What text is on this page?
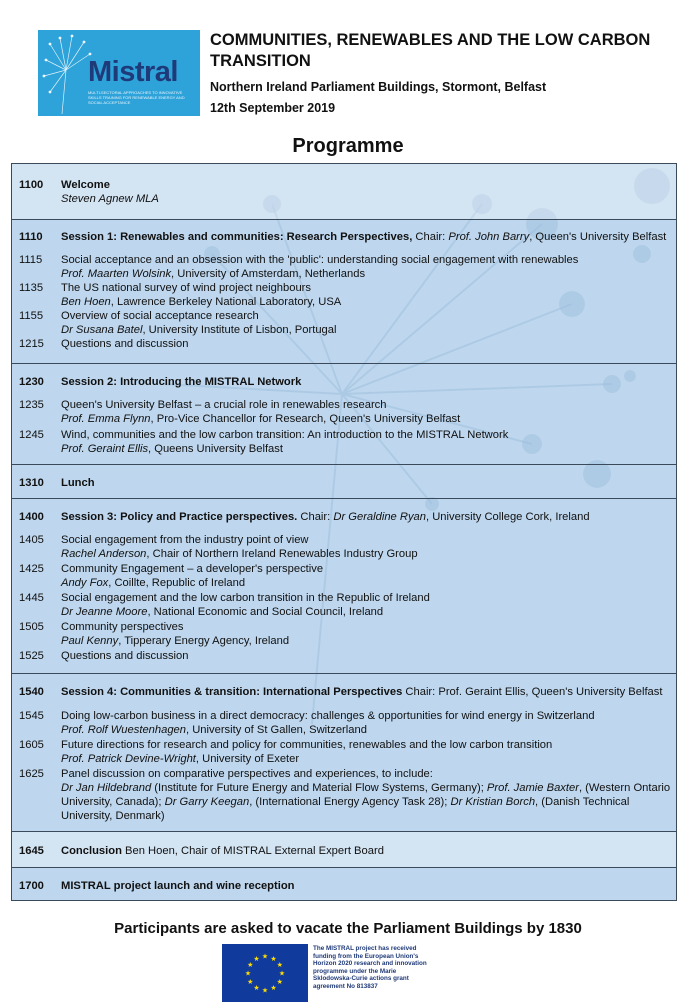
Mistral
MULTI-SECTORAL APPROACHES TO INNOVATIVE SKILLS TRAINING FOR RENEWABLE ENERGY AND SOCIAL ACCEPTANCE
COMMUNITIES, RENEWABLES AND THE LOW CARBON TRANSITION
Northern Ireland Parliament Buildings, Stormont, Belfast
12th September 2019
Programme
1100	Welcome
Steven Agnew MLA
1110	Session 1: Renewables and communities: Research Perspectives, Chair: Prof. John Barry, Queen's University Belfast
1115	Social acceptance and an obsession with the 'public': understanding social engagement with renewables
Prof. Maarten Wolsink, University of Amsterdam, Netherlands
1135	The US national survey of wind project neighbours
Ben Hoen, Lawrence Berkeley National Laboratory, USA
1155	Overview of social acceptance research
Dr Susana Batel, University Institute of Lisbon, Portugal
1215	Questions and discussion
1230	Session 2: Introducing the MISTRAL Network
1235	Queen's University Belfast – a crucial role in renewables research
Prof. Emma Flynn, Pro-Vice Chancellor for Research, Queen's University Belfast
1245	Wind, communities and the low carbon transition: An introduction to the MISTRAL Network
Prof. Geraint Ellis, Queens University Belfast
1310	Lunch
1400	Session 3: Policy and Practice perspectives. Chair: Dr Geraldine Ryan, University College Cork, Ireland
1405	Social engagement from the industry point of view
Rachel Anderson, Chair of Northern Ireland Renewables Industry Group
1425	Community Engagement – a developer's perspective
Andy Fox, Coillte, Republic of Ireland
1445	Social engagement and the low carbon transition in the Republic of Ireland
Dr Jeanne Moore, National Economic and Social Council, Ireland
1505	Community perspectives
Paul Kenny, Tipperary Energy Agency, Ireland
1525	Questions and discussion
1540	Session 4: Communities & transition: International Perspectives Chair: Prof. Geraint Ellis, Queen's University Belfast
1545	Doing low-carbon business in a direct democracy: challenges & opportunities for wind energy in Switzerland
Prof. Rolf Wuestenhagen, University of St Gallen, Switzerland
1605	Future directions for research and policy for communities, renewables and the low carbon transition
Prof. Patrick Devine-Wright, University of Exeter
1625	Panel discussion on comparative perspectives and experiences, to include:
Dr Jan Hildebrand (Institute for Future Energy and Material Flow Systems, Germany); Prof. Jamie Baxter, (Western Ontario University, Canada); Dr Garry Keegan, (International Energy Agency Task 28); Dr Kristian Borch, (Danish Technical University, Denmark)
1645	Conclusion Ben Hoen, Chair of MISTRAL External Expert Board
1700	MISTRAL project launch and wine reception
Participants are asked to vacate the Parliament Buildings by 1830
★
★
★
★
★
★
★
★
★ ★ ★
★
The MISTRAL project has received funding from the European Union's Horizon 2020 research and innovation programme under the Marie Sklodowska-Curie actions grant agreement No 813837
